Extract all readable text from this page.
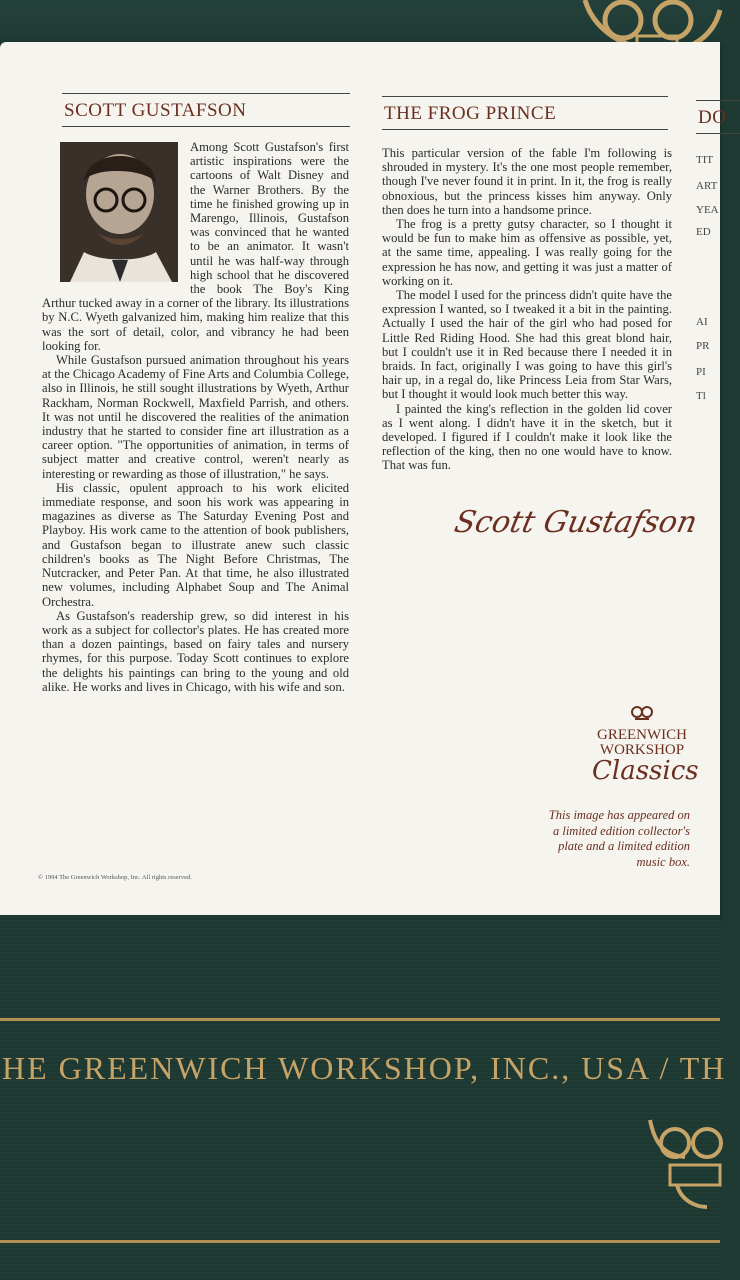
SCOTT GUSTAFSON

Among Scott Gustafson's first artistic inspirations were the cartoons of Walt Disney and the Warner Brothers. By the time he finished growing up in Marengo, Illinois, Gustafson was convinced that he wanted to be an animator. It wasn't until he was half-way through high school that he discovered the book The Boy's King Arthur tucked away in a corner of the library. Its illustrations by N.C. Wyeth galvanized him, making him realize that this was the sort of detail, color, and vibrancy he had been looking for.

While Gustafson pursued animation throughout his years at the Chicago Academy of Fine Arts and Columbia College, also in Illinois, he still sought illustrations by Wyeth, Arthur Rackham, Norman Rockwell, Maxfield Parrish, and others. It was not until he discovered the realities of the animation industry that he started to consider fine art illustration as a career option. "The opportunities of animation, in terms of subject matter and creative control, weren't nearly as interesting or rewarding as those of illustration," he says.

His classic, opulent approach to his work elicited immediate response, and soon his work was appearing in magazines as diverse as The Saturday Evening Post and Playboy. His work came to the attention of book publishers, and Gustafson began to illustrate anew such classic children's books as The Night Before Christmas, The Nutcracker, and Peter Pan. At that time, he also illustrated new volumes, including Alphabet Soup and The Animal Orchestra.

As Gustafson's readership grew, so did interest in his work as a subject for collector's plates. He has created more than a dozen paintings, based on fairy tales and nursery rhymes, for this purpose. Today Scott continues to explore the delights his paintings can bring to the young and old alike. He works and lives in Chicago, with his wife and son.

THE FROG PRINCE

This particular version of the fable I'm following is shrouded in mystery. It's the one most people remember, though I've never found it in print. In it, the frog is really obnoxious, but the princess kisses him anyway. Only then does he turn into a handsome prince.

The frog is a pretty gutsy character, so I thought it would be fun to make him as offensive as possible, yet, at the same time, appealing. I was really going for the expression he has now, and getting it was just a matter of working on it.

The model I used for the princess didn't quite have the expression I wanted, so I tweaked it a bit in the painting. Actually I used the hair of the girl who had posed for Little Red Riding Hood. She had this great blond hair, but I couldn't use it in Red because there I needed it in braids. In fact, originally I was going to have this girl's hair up, in a regal do, like Princess Leia from Star Wars, but I thought it would look much better this way.

I painted the king's reflection in the golden lid cover as I went along. I didn't have it in the sketch, but it developed. I figured if I couldn't make it look like the reflection of the king, then no one would have to know. That was fun.

Scott Gustafson
DO
TIT
ART
YEA
ED
AI
PR
PI
Tl
GREENWICH
WORKSHOP
Classics
This image has appeared on a limited edition collector's plate and a limited edition music box.
© 1994 The Greenwich Workshop, Inc. All rights reserved.
HE GREENWICH WORKSHOP, INC., USA / TH
